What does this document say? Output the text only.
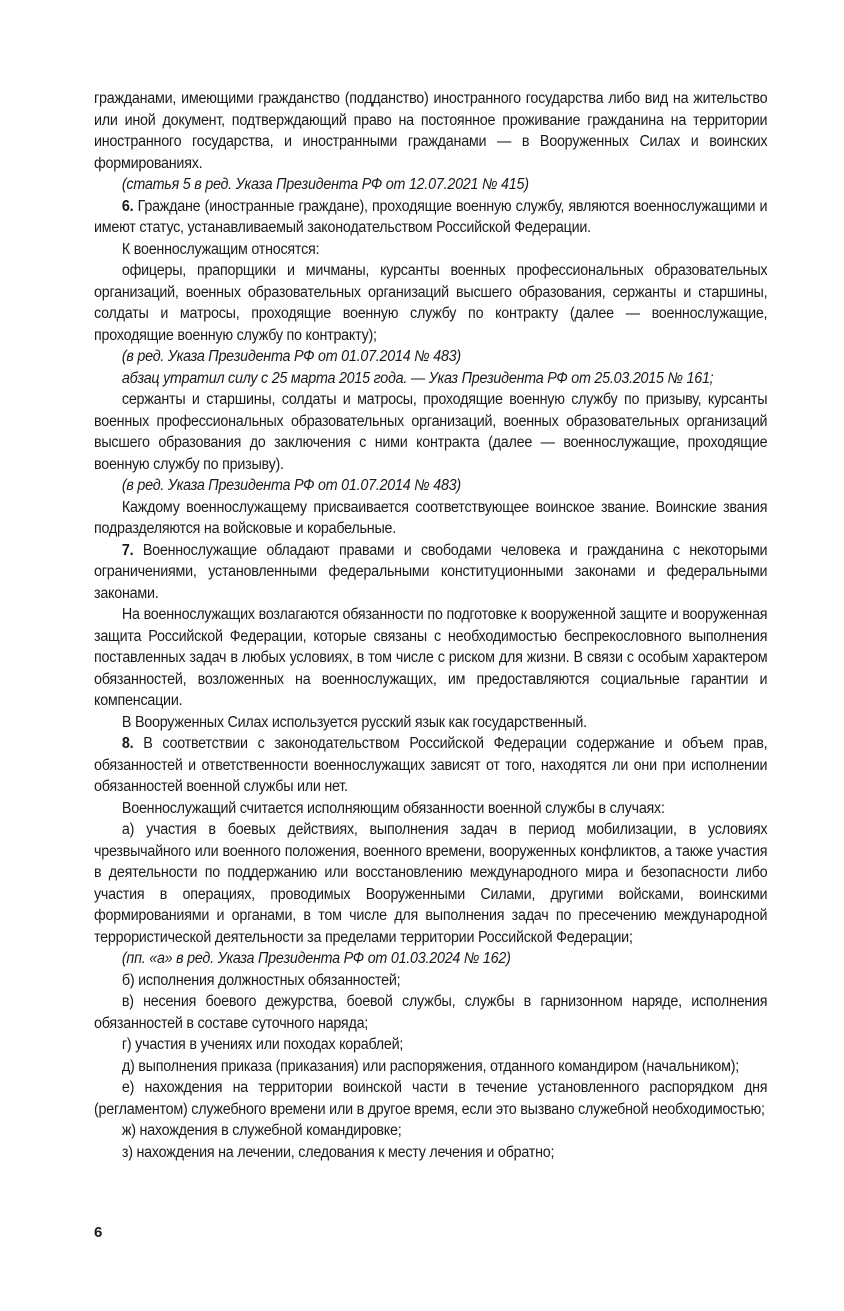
гражданами, имеющими гражданство (подданство) иностранного государства либо вид на жительство или иной документ, подтверждающий право на постоянное проживание гражданина на территории иностранного государства, и иностранными гражданами — в Вооруженных Силах и воинских формированиях.

(статья 5 в ред. Указа Президента РФ от 12.07.2021 № 415)

6. Граждане (иностранные граждане), проходящие военную службу, являются военнослужащими и имеют статус, устанавливаемый законодательством Российской Федерации.

К военнослужащим относятся:

офицеры, прапорщики и мичманы, курсанты военных профессиональных образовательных организаций, военных образовательных организаций высшего образования, сержанты и старшины, солдаты и матросы, проходящие военную службу по контракту (далее — военнослужащие, проходящие военную службу по контракту);

(в ред. Указа Президента РФ от 01.07.2014 № 483)

абзац утратил силу с 25 марта 2015 года. — Указ Президента РФ от 25.03.2015 № 161;

сержанты и старшины, солдаты и матросы, проходящие военную службу по призыву, курсанты военных профессиональных образовательных организаций, военных образовательных организаций высшего образования до заключения с ними контракта (далее — военнослужащие, проходящие военную службу по призыву).

(в ред. Указа Президента РФ от 01.07.2014 № 483)

Каждому военнослужащему присваивается соответствующее воинское звание. Воинские звания подразделяются на войсковые и корабельные.

7. Военнослужащие обладают правами и свободами человека и гражданина с некоторыми ограничениями, установленными федеральными конституционными законами и федеральными законами.

На военнослужащих возлагаются обязанности по подготовке к вооруженной защите и вооруженная защита Российской Федерации, которые связаны с необходимостью беспрекословного выполнения поставленных задач в любых условиях, в том числе с риском для жизни. В связи с особым характером обязанностей, возложенных на военнослужащих, им предоставляются социальные гарантии и компенсации.

В Вооруженных Силах используется русский язык как государственный.

8. В соответствии с законодательством Российской Федерации содержание и объем прав, обязанностей и ответственности военнослужащих зависят от того, находятся ли они при исполнении обязанностей военной службы или нет.

Военнослужащий считается исполняющим обязанности военной службы в случаях:

а) участия в боевых действиях, выполнения задач в период мобилизации, в условиях чрезвычайного или военного положения, военного времени, вооруженных конфликтов, а также участия в деятельности по поддержанию или восстановлению международного мира и безопасности либо участия в операциях, проводимых Вооруженными Силами, другими войсками, воинскими формированиями и органами, в том числе для выполнения задач по пресечению международной террористической деятельности за пределами территории Российской Федерации;

(пп. «а» в ред. Указа Президента РФ от 01.03.2024 № 162)

б) исполнения должностных обязанностей;

в) несения боевого дежурства, боевой службы, службы в гарнизонном наряде, исполнения обязанностей в составе суточного наряда;

г) участия в учениях или походах кораблей;

д) выполнения приказа (приказания) или распоряжения, отданного командиром (начальником);

е) нахождения на территории воинской части в течение установленного распорядком дня (регламентом) служебного времени или в другое время, если это вызвано служебной необходимостью;

ж) нахождения в служебной командировке;

з) нахождения на лечении, следования к месту лечения и обратно;

6
